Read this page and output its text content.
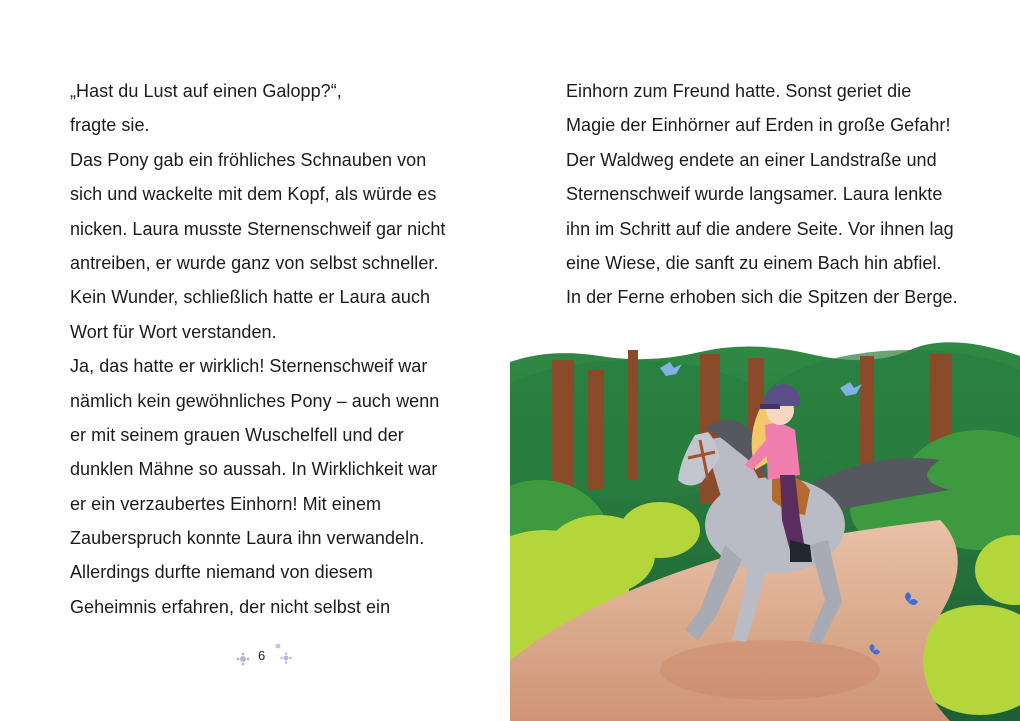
„Hast du Lust auf einen Galopp?“,
fragte sie.
Das Pony gab ein fröhliches Schnauben von
sich und wackelte mit dem Kopf, als würde es
nicken. Laura musste Sternenschweif gar nicht
antreiben, er wurde ganz von selbst schneller.
Kein Wunder, schließlich hatte er Laura auch
Wort für Wort verstanden.
Ja, das hatte er wirklich! Sternenschweif war
nämlich kein gewöhnliches Pony – auch wenn
er mit seinem grauen Wuschelfell und der
dunklen Mähne so aussah. In Wirklichkeit war
er ein verzaubertes Einhorn! Mit einem
Zauberspruch konnte Laura ihn verwandeln.
Allerdings durfte niemand von diesem
Geheimnis erfahren, der nicht selbst ein
Einhorn zum Freund hatte. Sonst geriet die
Magie der Einhörner auf Erden in große Gefahr!
Der Waldweg endete an einer Landstraße und
Sternenschweif wurde langsamer. Laura lenkte
ihn im Schritt auf die andere Seite. Vor ihnen lag
eine Wiese, die sanft zu einem Bach hin abfiel.
In der Ferne erhoben sich die Spitzen der Berge.
6
